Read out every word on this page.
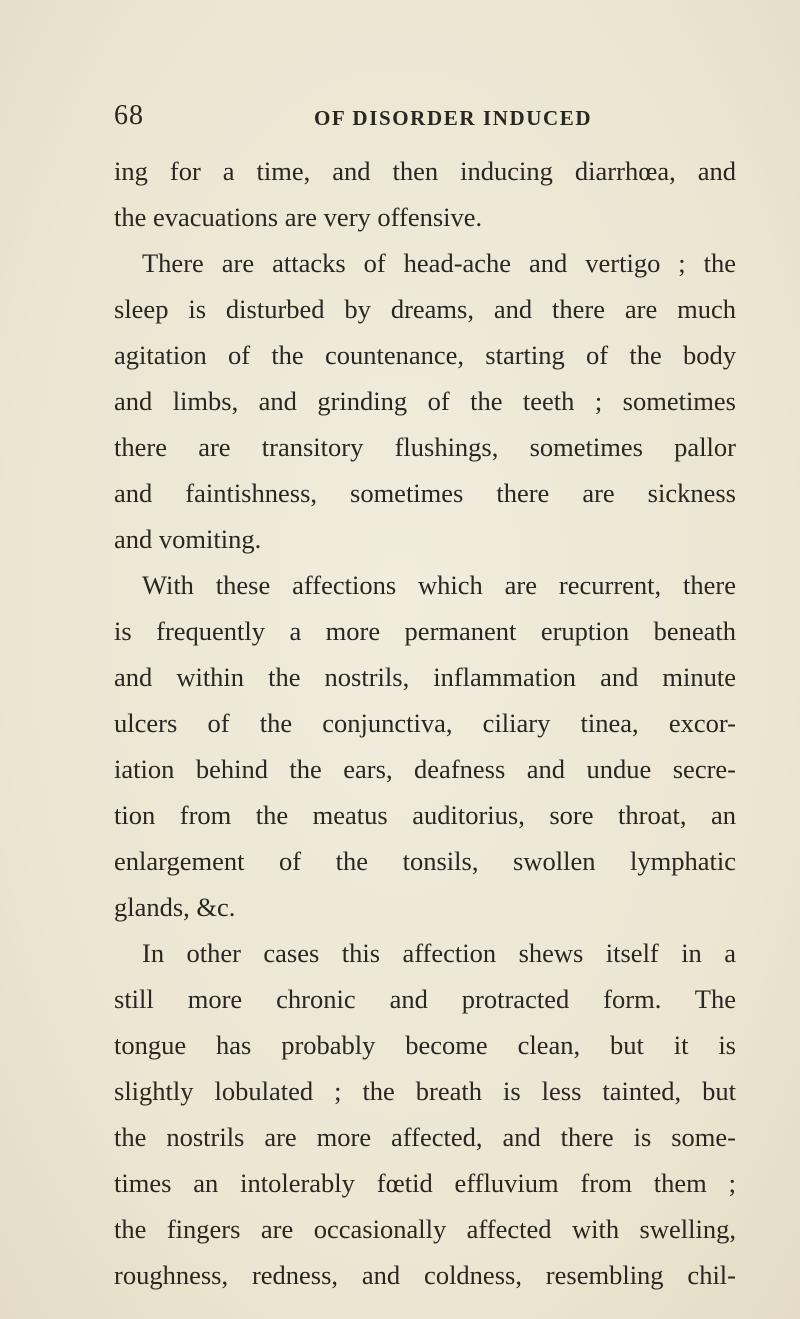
68	OF DISORDER INDUCED
ing for a time, and then inducing diarrhœa, and
the evacuations are very offensive.
There are attacks of head-ache and vertigo ; the
sleep is disturbed by dreams, and there are much
agitation of the countenance, starting of the body
and limbs, and grinding of the teeth ; sometimes
there are transitory flushings, sometimes pallor
and faintishness, sometimes there are sickness
and vomiting.
With these affections which are recurrent, there
is frequently a more permanent eruption beneath
and within the nostrils, inflammation and minute
ulcers of the conjunctiva, ciliary tinea, excor-
iation behind the ears, deafness and undue secre-
tion from the meatus auditorius, sore throat, an
enlargement of the tonsils, swollen lymphatic
glands, &c.
In other cases this affection shews itself in a
still more chronic and protracted form. The
tongue has probably become clean, but it is
slightly lobulated ; the breath is less tainted, but
the nostrils are more affected, and there is some-
times an intolerably fœtid effluvium from them ;
the fingers are occasionally affected with swelling,
roughness, redness, and coldness, resembling chil-
